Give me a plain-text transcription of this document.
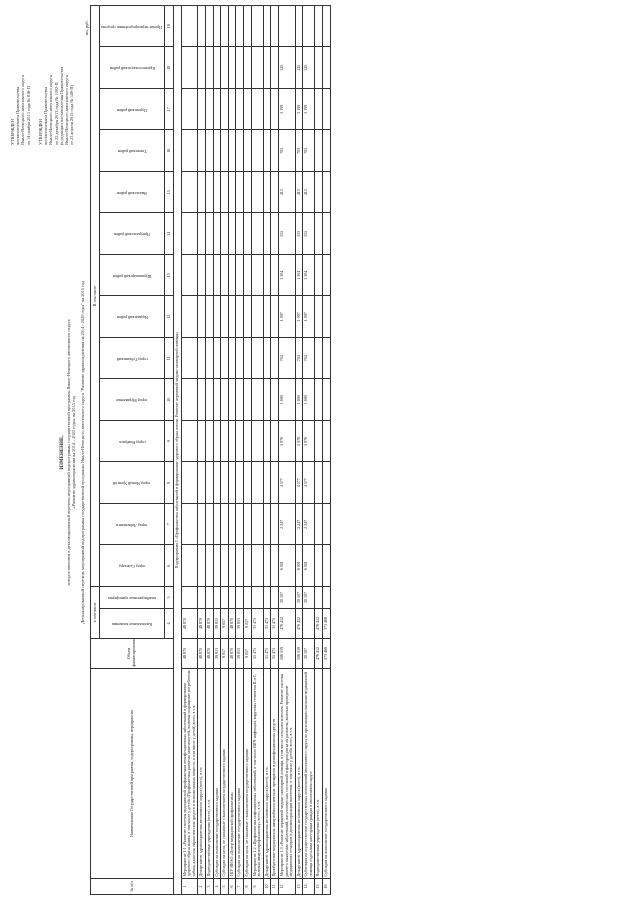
УТВЕРЖДЕН постановлением Правительства Ямало-Ненецкого автономного округа от 14 ноября 2013 года № 816-П УТВЕРЖДЕН постановлением Правительства Ямало-Ненецкого автономного округа от 25 декабря 2013 года № 1092-П (в редакции постановления Правительства Ямало-Ненецкого автономного округа от 23 апреля 2015 года № 349-П)
ИЗМЕНЕНИЕ, которое вносится в детализированный перечень мероприятий подпрограммы государственной программы Ямало-Ненецкого автономного округа «Развитие здравоохранения на 2014 – 2020 годы» на 2015 год Детализированный перечень мероприятий подпрограммы государственной программы Ямало-Ненецкого автономного округа "Развитие здравоохранения на 2014 - 2020 годы" на 2015 год
по. руб.
№ п/п	Наименование Государственной программы, подпрограммы, мероприятия	Объем финансирования	в том числе		В том числе													

			Капитальные вложения	межбюджетные трансферты	город Салехард	город Лабытнанги	город Новый Уренгой	город Ноябрьск	город Муравленко	город Губкинский	Надымский район	Шурышкарский район	Приуральский район	Ямальский район	Тазовский район	Пуровский район	Красноселькупский район	Прочие нераспределённые средства

			4	5	6	7	8	9	10	11	12	13	14	15	16	17	18	19
Подпрограмма 1 «Профилактика заболеваний и формирование здорового образа жизни. Развитие первичной медико-санитарной помощи»																		
1	Мероприятие 1.1 «Развитие системы медицинской профилактики неинфекционных заболеваний и формирование здорового образа жизни, в том числе у детей» (Профилактика развития зависимостей, включая сокращение потребления табака, алкоголя, наркотических средств и психоактивных веществ, в том числе у детей) всего, в т.ч.	48 870	48 870															
2	Департамент здравоохранения автономного округа (всего), в т.ч.	48 870	48 870															
3	Подведомственные учреждения (всего), в т.ч.	48 870	48 870															
4	Субсидии на выполнение государственного задания	39 813	39 813															
5	Субсидии на цели, не связанные с выполнением государственного задания	9 057	9 057															
6	ГКУ ЯНАО «Центр медицинской профилактики»	48 870	48 870															
7	Субсидии на выполнение государственного задания	39 813	39 813															
8	Субсидии на цели, не связанные с выполнением государственного задания	9 057	9 057															
9	Мероприятие 1.2 «Профилактика инфекционных заболеваний, в том числе ВИЧ-инфекции, вирусных гепатитов В и С, включая иммунопрофилактику» всего, в т.ч.	31 475	31 475															
10	Департамент здравоохранения автономного округа (всего), в т.ч.	31 475	31 475															
11	Приобретение медицинских иммунобиологических препаратов и дезинфекционных средств	31 475	31 475															
12	Мероприятие 1.3 «Развитие первичной медико-санитарной помощи, в том числе сельским жителям. Развитие системы раннего выявления заболеваний, патологических состояний и факторов риска их развития, включая проведение медицинских осмотров и диспансеризации населения, в том числе у детей» всего, в т.ч.	506 519	476 412	30 107	6 001	2 247	4 577	5 976	1 690	704	1 097	1 304	555	413	705	3 199	145	
13	Департамент здравоохранения автономного округа (всего), в т.ч.	506 519	476 412	30 107	6 001	2 247	4 577	5 976	1 690	704	1 097	1 304	555	413	705	3 199	145	
14	Субвенции на осуществление государственных полномочий автономного округа по организации оказания медицинской помощи отдельным категориям граждан в автономном округе	30 107		30 107	6 001	2 247	4 577	5 976	1 690	704	1 097	1 304	555	413	705	3 199	145	
15	Подведомственные учреждения (всего), в т.ч.	476 412	476 412															
16	Субсидии на выполнение государственного задания	373 468	373 468															
